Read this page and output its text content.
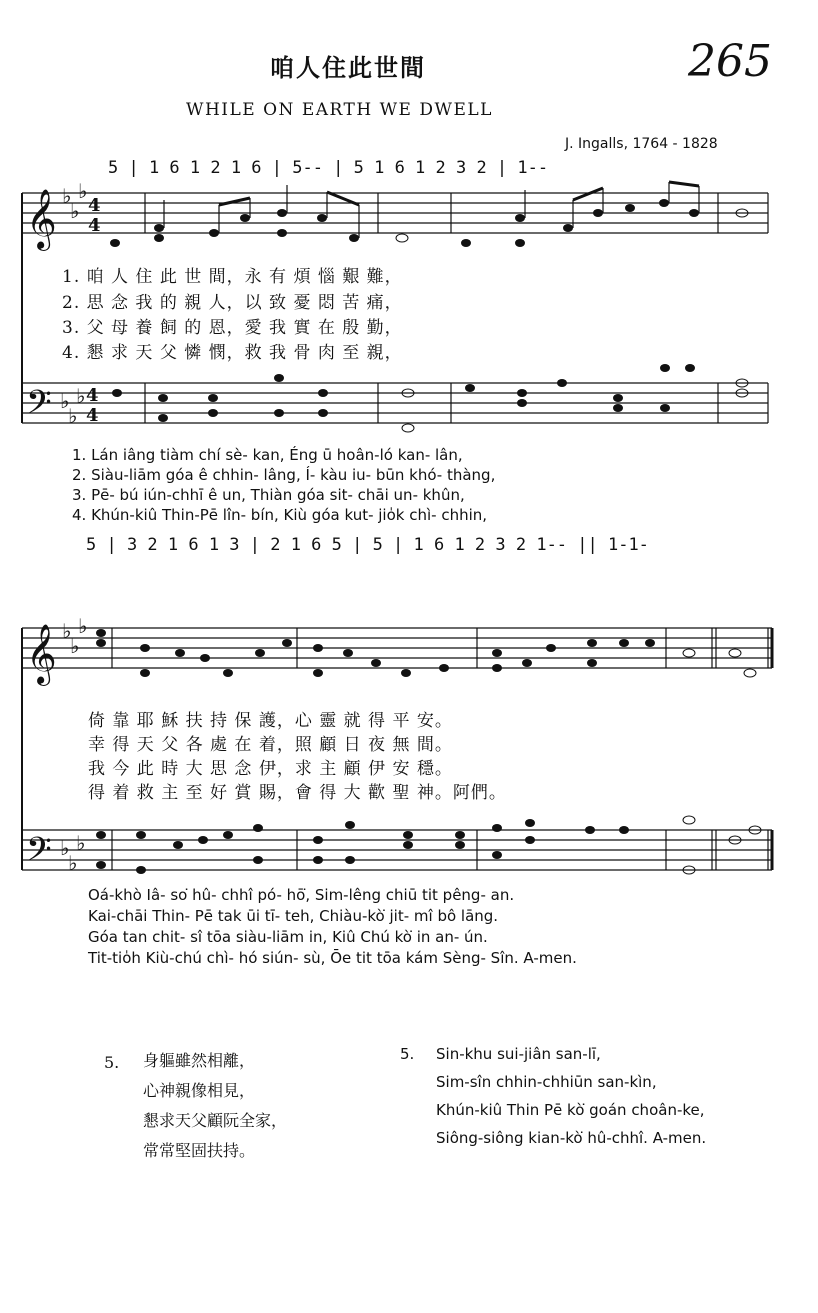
咱人住此世間
WHILE ON EARTH WE DWELL
265
J. Ingalls, 1764 - 1828
5 | 1 6 1 2 1 6 | 5-- | 5 1 6 1 2 3 2 | 1--
𝄞
𝄢
𝄞
𝄢
♭
♭
♭
♭
♭
♭
♭
♭
♭
♭
♭
♭
4
4
4
4
1. 咱 人 住 此 世 間，永 有 煩 惱 艱 難，
2. 思 念 我 的 親 人，以 致 憂 悶 苦 痛，
3. 父 母 養 飼 的 恩，愛 我 實 在 殷 勤，
4. 懇 求 天 父 憐 憫，救 我 骨 肉 至 親，
1. Lán iâng tiàm chí sè- kan, Éng ū hoân-ló kan- lân,
2. Siàu-liām góa ê chhin- lâng, Í- kàu iu- būn khó- thàng,
3. Pē- bú iún-chhī ê un, Thiàn góa sit- chāi un- khûn,
4. Khún-kiû Thin-Pē lîn- bín, Kiù góa kut- jio̍k chì- chhin,
5 | 3 2 1 6 1 3 | 2 1 6 5 | 5 | 1 6 1 2 3 2 1-- || 1-1-
倚 靠 耶 穌 扶 持 保 護，心 靈 就 得 平 安。
幸 得 天 父 各 處 在 着，照 顧 日 夜 無 間。
我 今 此 時 大 思 念 伊，求 主 顧 伊 安 穩。
得 着 救 主 至 好 賞 賜，會 得 大 歡 聖 神。阿們。
Oá-khò Iâ- so͘ hû- chhî pó- hō͘, Sim-lêng chiū tit pêng- an.
Kai-chāi Thin- Pē tak ūi tī- teh, Chiàu-kò͘ jit- mî bô lāng.
Góa tan chit- sî tōa siàu-liām in, Kiû Chú kò͘ in an- ún.
Tit-tio̍h Kiù-chú chì- hó siún- sù, Ōe tit tōa kám Sèng- Sîn. A-men.
5. 身軀雖然相離，
心神親像相見，
懇求天父顧阮全家，
常常堅固扶持。
5. Sin-khu sui-jiân san-lī,
Sim-sîn chhin-chhiūn san-kìn,
Khún-kiû Thin Pē kò͘ goán choân-ke,
Siông-siông kian-kò͘ hû-chhî. A-men.
